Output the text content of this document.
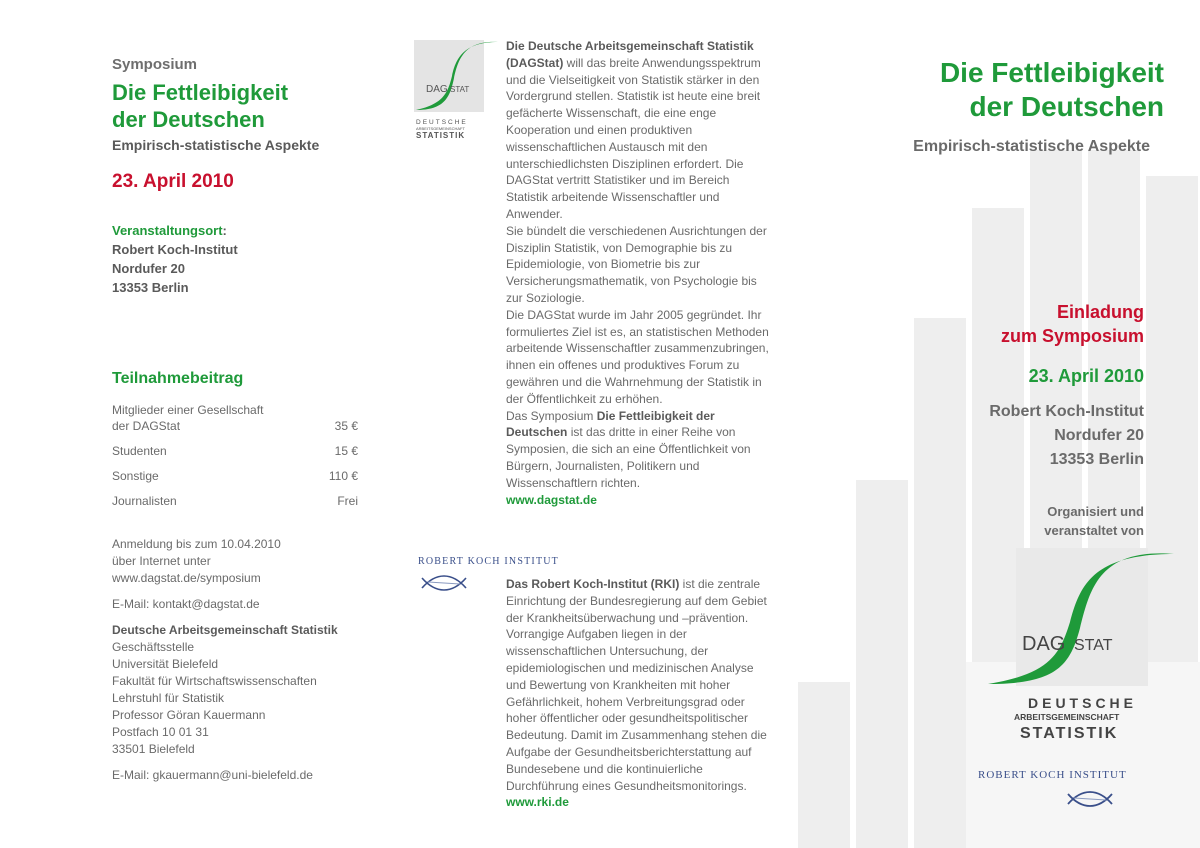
Symposium
Die Fettleibigkeit
der Deutschen
Empirisch-statistische Aspekte
23. April 2010
Veranstaltungsort:
Robert Koch-Institut
Nordufer 20
13353 Berlin
Teilnahmebeitrag
Mitglieder einer Gesellschaft
der DAGStat	35 €
Studenten	15 €
Sonstige	110 €
Journalisten	Frei

Anmeldung bis zum 10.04.2010
über Internet unter
www.dagstat.de/symposium

E-Mail: kontakt@dagstat.de

Deutsche Arbeitsgemeinschaft Statistik
Geschäftsstelle
Universität Bielefeld
Fakultät für Wirtschaftswissenschaften
Lehrstuhl für Statistik
Professor Göran Kauermann
Postfach 10 01 31
33501 Bielefeld

E-Mail: gkauermann@uni-bielefeld.de

DAG STAT
DEUTSCHE
ARBEITSGEMEINSCHAFT
STATISTIK
Die Deutsche Arbeitsgemeinschaft Statistik (DAGStat) will das breite Anwendungsspektrum und die Vielseitigkeit von Statistik stärker in den Vordergrund stellen. Statistik ist heute eine breit gefächerte Wissenschaft, die eine enge Kooperation und einen produktiven wissenschaftlichen Austausch mit den unterschiedlichsten Disziplinen erfordert. Die DAGStat vertritt Statistiker und im Bereich Statistik arbeitende Wissenschaftler und Anwender.
Sie bündelt die verschiedenen Ausrichtungen der Disziplin Statistik, von Demographie bis zu Epidemiologie, von Biometrie bis zur Versicherungsmathematik, von Psychologie bis zur Soziologie.
Die DAGStat wurde im Jahr 2005 gegründet. Ihr formuliertes Ziel ist es, an statistischen Methoden arbeitende Wissenschaftler zusammenzubringen, ihnen ein offenes und produktives Forum zu gewähren und die Wahrnehmung der Statistik in der Öffentlichkeit zu erhöhen.
Das Symposium Die Fettleibigkeit der Deutschen ist das dritte in einer Reihe von Symposien, die sich an eine Öffentlichkeit von Bürgern, Journalisten, Politikern und Wissenschaftlern richten.
www.dagstat.de
ROBERT KOCH INSTITUT
Das Robert Koch-Institut (RKI) ist die zentrale Einrichtung der Bundesregierung auf dem Gebiet der Krankheitsüberwachung und –prävention. Vorrangige Aufgaben liegen in der wissenschaftlichen Untersuchung, der epidemiologischen und medizinischen Analyse und Bewertung von Krankheiten mit hoher Gefährlichkeit, hohem Verbreitungsgrad oder hoher öffentlicher oder gesundheitspolitischer Bedeutung. Damit im Zusammenhang stehen die Aufgabe der Gesundheitsberichterstattung auf Bundesebene und die kontinuierliche Durchführung eines Gesundheitsmonitorings.
www.rki.de
Die Fettleibigkeit
der Deutschen
Empirisch-statistische Aspekte
Einladung
zum Symposium
23. April 2010
Robert Koch-Institut
Nordufer 20
13353 Berlin
Organisiert und
veranstaltet von
DAG STAT
DEUTSCHE
ARBEITSGEMEINSCHAFT
STATISTIK
ROBERT KOCH INSTITUT
